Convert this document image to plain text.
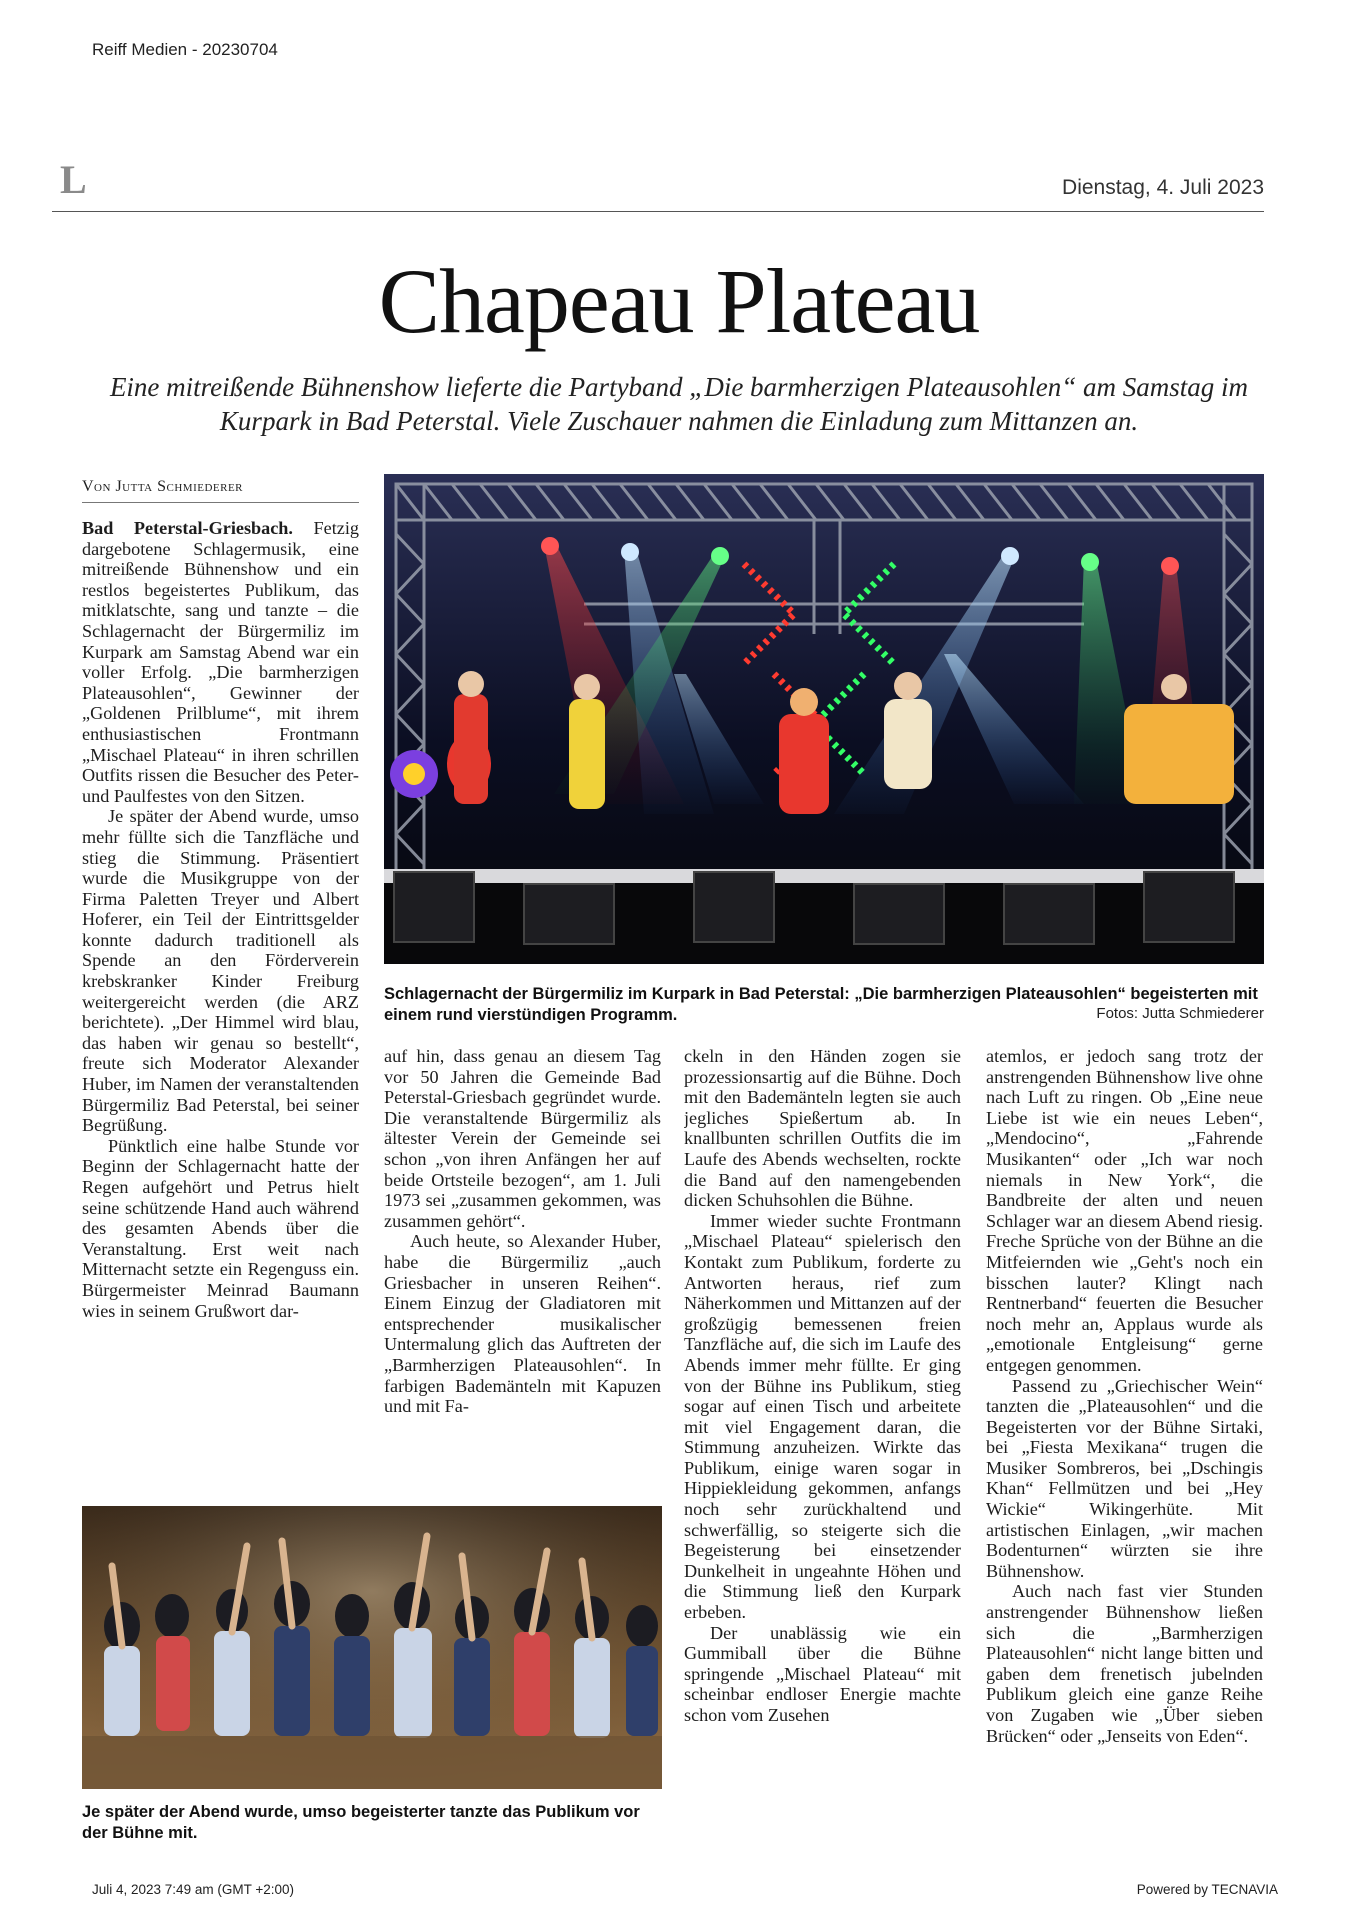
Reiff Medien - 20230704
L	Dienstag, 4. Juli 2023
Chapeau Plateau
Eine mitreißende Bühnenshow lieferte die Partyband „Die barmherzigen Plateausohlen“ am Samstag im Kurpark in Bad Peterstal. Viele Zuschauer nahmen die Einladung zum Mittanzen an.
Von Jutta Schmiederer

Bad Peterstal-Griesbach. Fetzig dargebotene Schlagermusik, eine mitreißende Bühnenshow und ein restlos begeistertes Publikum, das mitklatschte, sang und tanzte – die Schlagernacht der Bürgermiliz im Kurpark am Samstag Abend war ein voller Erfolg. „Die barmherzigen Plateausohlen“, Gewinner der „Goldenen Prilblume“, mit ihrem enthusiastischen Frontmann „Mischael Plateau“ in ihren schrillen Outfits rissen die Besucher des Peter- und Paulfestes von den Sitzen.

Je später der Abend wurde, umso mehr füllte sich die Tanzfläche und stieg die Stimmung. Präsentiert wurde die Musikgruppe von der Firma Paletten Treyer und Albert Hoferer, ein Teil der Eintrittsgelder konnte dadurch traditionell als Spende an den Förderverein krebskranker Kinder Freiburg weitergereicht werden (die ARZ berichtete). „Der Himmel wird blau, das haben wir genau so bestellt“, freute sich Moderator Alexander Huber, im Namen der veranstaltenden Bürgermiliz Bad Peterstal, bei seiner Begrüßung.

Pünktlich eine halbe Stunde vor Beginn der Schlagernacht hatte der Regen aufgehört und Petrus hielt seine schützende Hand auch während des gesamten Abends über die Veranstaltung. Erst weit nach Mitternacht setzte ein Regenguss ein. Bürgermeister Meinrad Baumann wies in seinem Grußwort dar-

Schlagernacht der Bürgermiliz im Kurpark in Bad Peterstal: „Die barmherzigen Plateausohlen“ begeisterten mit einem rund vierstündigen Programm.	Fotos: Jutta Schmiederer

auf hin, dass genau an diesem Tag vor 50 Jahren die Gemeinde Bad Peterstal-Griesbach gegründet wurde. Die veranstaltende Bürgermiliz als ältester Verein der Gemeinde sei schon „von ihren Anfängen her auf beide Ortsteile bezogen“, am 1. Juli 1973 sei „zusammen gekommen, was zusammen gehört“.

Auch heute, so Alexander Huber, habe die Bürgermiliz „auch Griesbacher in unseren Reihen“. Einem Einzug der Gladiatoren mit entsprechender musikalischer Untermalung glich das Auftreten der „Barmherzigen Plateausohlen“. In farbigen Bademänteln mit Kapuzen und mit Fa-

ckeln in den Händen zogen sie prozessionsartig auf die Bühne. Doch mit den Bademänteln legten sie auch jegliches Spießertum ab. In knallbunten schrillen Outfits die im Laufe des Abends wechselten, rockte die Band auf den namengebenden dicken Schuhsohlen die Bühne.

Immer wieder suchte Frontmann „Mischael Plateau“ spielerisch den Kontakt zum Publikum, forderte zu Antworten heraus, rief zum Näherkommen und Mittanzen auf der großzügig bemessenen freien Tanzfläche auf, die sich im Laufe des Abends immer mehr füllte. Er ging von der Bühne ins Publikum, stieg sogar auf einen Tisch und arbeitete mit viel Engagement daran, die Stimmung anzuheizen. Wirkte das Publikum, einige waren sogar in Hippiekleidung gekommen, anfangs noch sehr zurückhaltend und schwerfällig, so steigerte sich die Begeisterung bei einsetzender Dunkelheit in ungeahnte Höhen und die Stimmung ließ den Kurpark erbeben.

Der unablässig wie ein Gummiball über die Bühne springende „Mischael Plateau“ mit scheinbar endloser Energie machte schon vom Zusehen

atemlos, er jedoch sang trotz der anstrengenden Bühnenshow live ohne nach Luft zu ringen. Ob „Eine neue Liebe ist wie ein neues Leben“, „Mendocino“, „Fahrende Musikanten“ oder „Ich war noch niemals in New York“, die Bandbreite der alten und neuen Schlager war an diesem Abend riesig. Freche Sprüche von der Bühne an die Mitfeiernden wie „Geht's noch ein bisschen lauter? Klingt nach Rentnerband“ feuerten die Besucher noch mehr an, Applaus wurde als „emotionale Entgleisung“ gerne entgegen genommen.

Passend zu „Griechischer Wein“ tanzten die „Plateausohlen“ und die Begeisterten vor der Bühne Sirtaki, bei „Fiesta Mexikana“ trugen die Musiker Sombreros, bei „Dschingis Khan“ Fellmützen und bei „Hey Wickie“ Wikingerhüte. Mit artistischen Einlagen, „wir machen Bodenturnen“ würzten sie ihre Bühnenshow.

Auch nach fast vier Stunden anstrengender Bühnenshow ließen sich die „Barmherzigen Plateausohlen“ nicht lange bitten und gaben dem frenetisch jubelnden Publikum gleich eine ganze Reihe von Zugaben wie „Über sieben Brücken“ oder „Jenseits von Eden“.

Je später der Abend wurde, umso begeisterter tanzte das Publikum vor der Bühne mit.
Juli 4, 2023 7:49 am (GMT +2:00)	Powered by TECNAVIA
